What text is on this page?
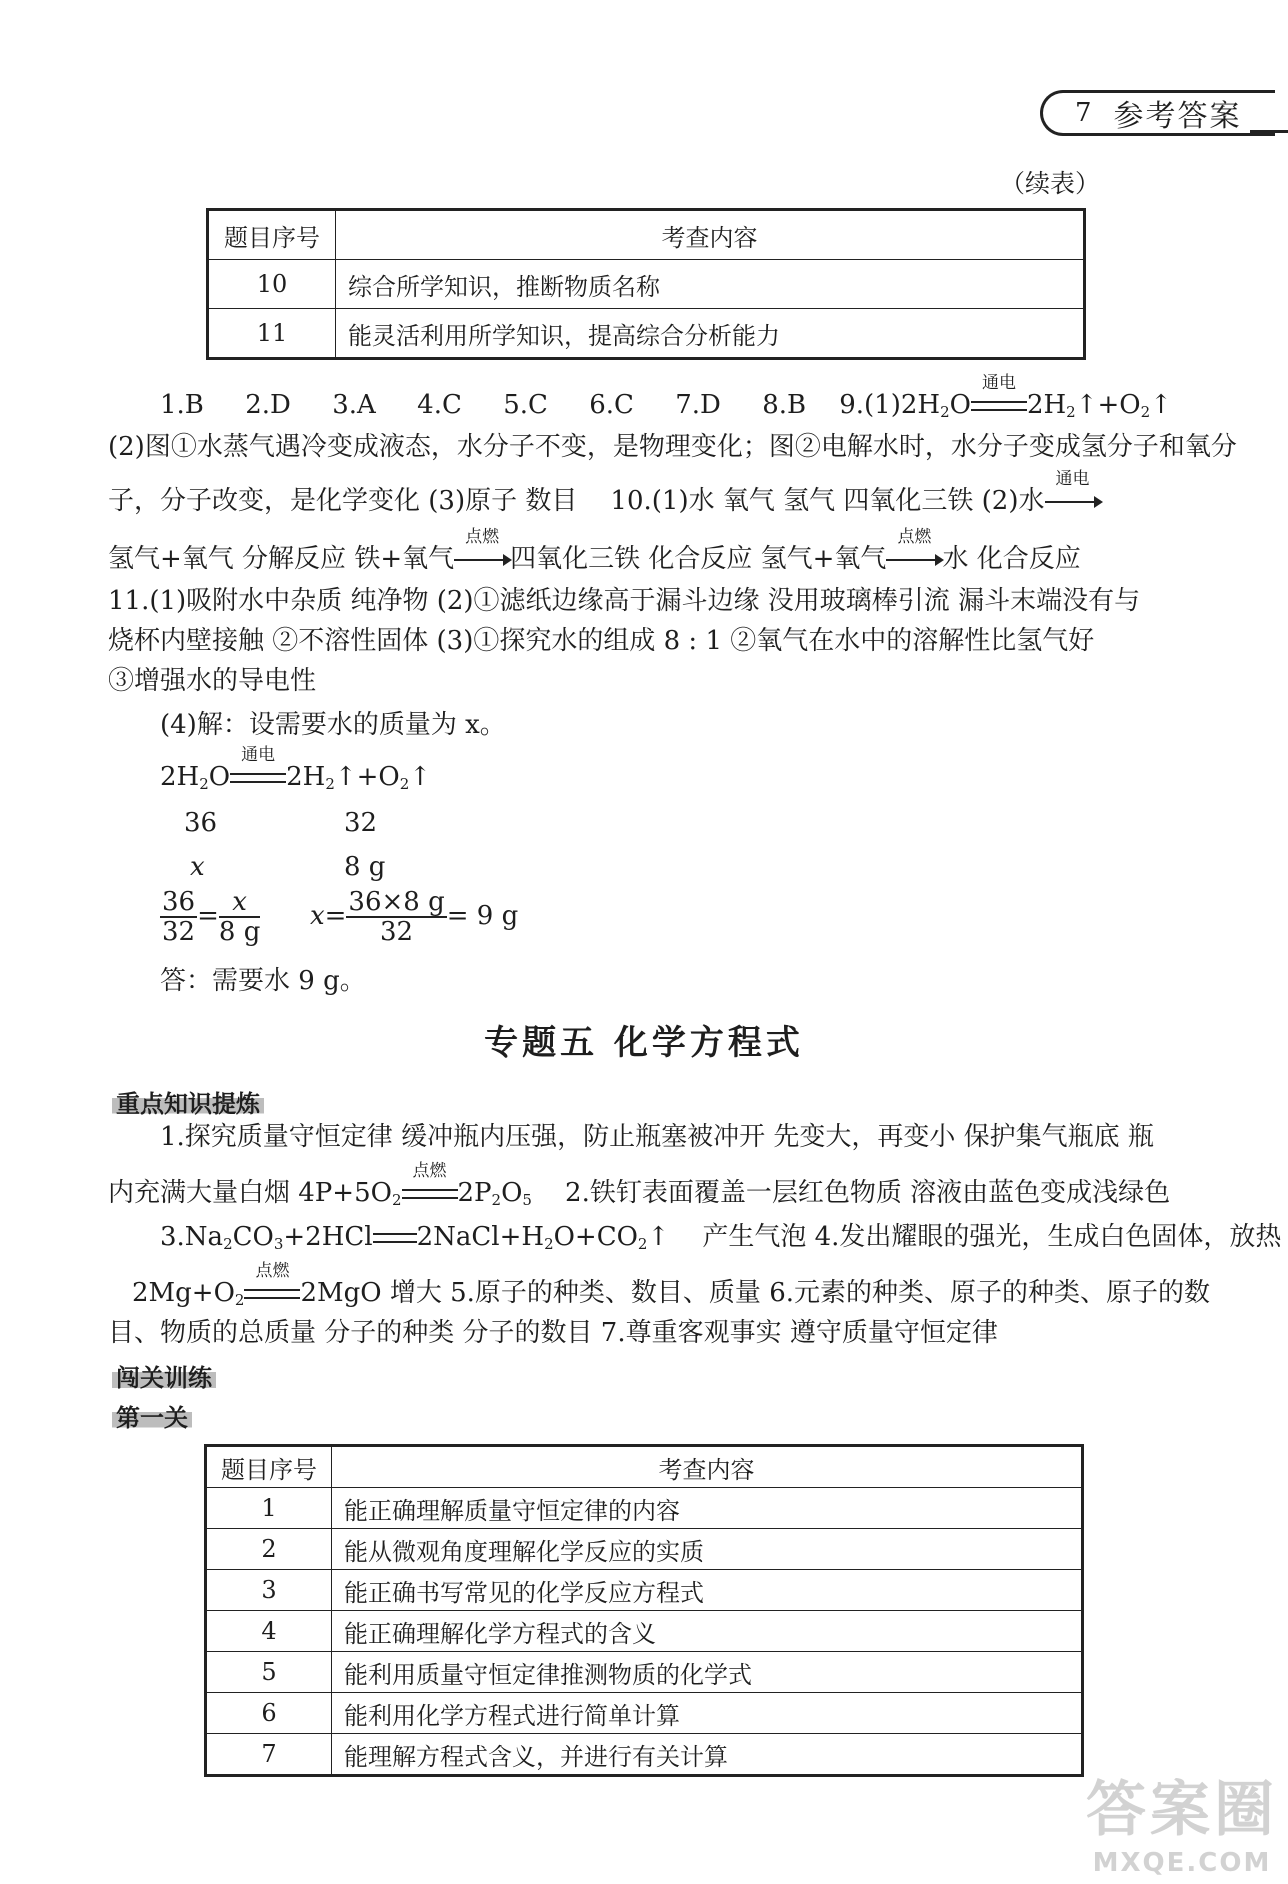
7 参考答案
（续表）
题目序号	考查内容
10	综合所学知识，推断物质名称
11	能灵活利用所学知识，提高综合分析能力
1.B 2.D 3.A 4.C 5.C 6.C 7.D 8.B $9.(1)2H_2O$
通电
$2H_2↑+O_2↑$
(2)图①水蒸气遇冷变成液态，水分子不变，是物理变化；图②电解水时，水分子变成氢分子和氧分
子，分子改变，是化学变化 (3)原子 数目 10.(1)水 氧气 氢气 四氧化三铁 (2)水
通电
氢气+氧气 分解反应 铁+氧气
点燃
四氧化三铁 化合反应 氢气+氧气
点燃
水 化合反应
11.(1)吸附水中杂质 纯净物 (2)①滤纸边缘高于漏斗边缘 没用玻璃棒引流 漏斗末端没有与
烧杯内壁接触 ②不溶性固体 (3)①探究水的组成 8 : 1 ②氧气在水中的溶解性比氢气好
③增强水的导电性
(4)解：设需要水的质量为 x。
$2H_2O$
通电
$2H_2↑+O_2↑$
36	32
x	8 g
$\frac{36}{32} = \frac{x}{8 g} x= \frac{36\times 8 g}{32} = 9$ g
答：需要水 9 g。
专题五 化学方程式
重点知识提炼
1.探究质量守恒定律 缓冲瓶内压强，防止瓶塞被冲开 先变大，再变小 保护集气瓶底 瓶
内充满大量白烟 $4P+5O_2$
点燃
$2P_2O_5$ 2.铁钉表面覆盖一层红色物质 溶液由蓝色变成浅绿色
$3.Na_2CO_3+2HCl$ $2NaCl+H_2O+CO_2↑$    产生气泡 4.发出耀眼的强光，生成白色固体，放热
$2Mg+O_2$
点燃
2MgO 增大 5.原子的种类、数目、质量 6.元素的种类、原子的种类、原子的数
目、物质的总质量 分子的种类 分子的数目 7.尊重客观事实 遵守质量守恒定律
闯关训练
第一关
题目序号	考查内容
1	能正确理解质量守恒定律的内容
2	能从微观角度理解化学反应的实质
3	能正确书写常见的化学反应方程式
4	能正确理解化学方程式的含义
5	能利用质量守恒定律推测物质的化学式
6	能利用化学方程式进行简单计算
7	能理解方程式含义，并进行有关计算
答案圈
MXQE.COM
